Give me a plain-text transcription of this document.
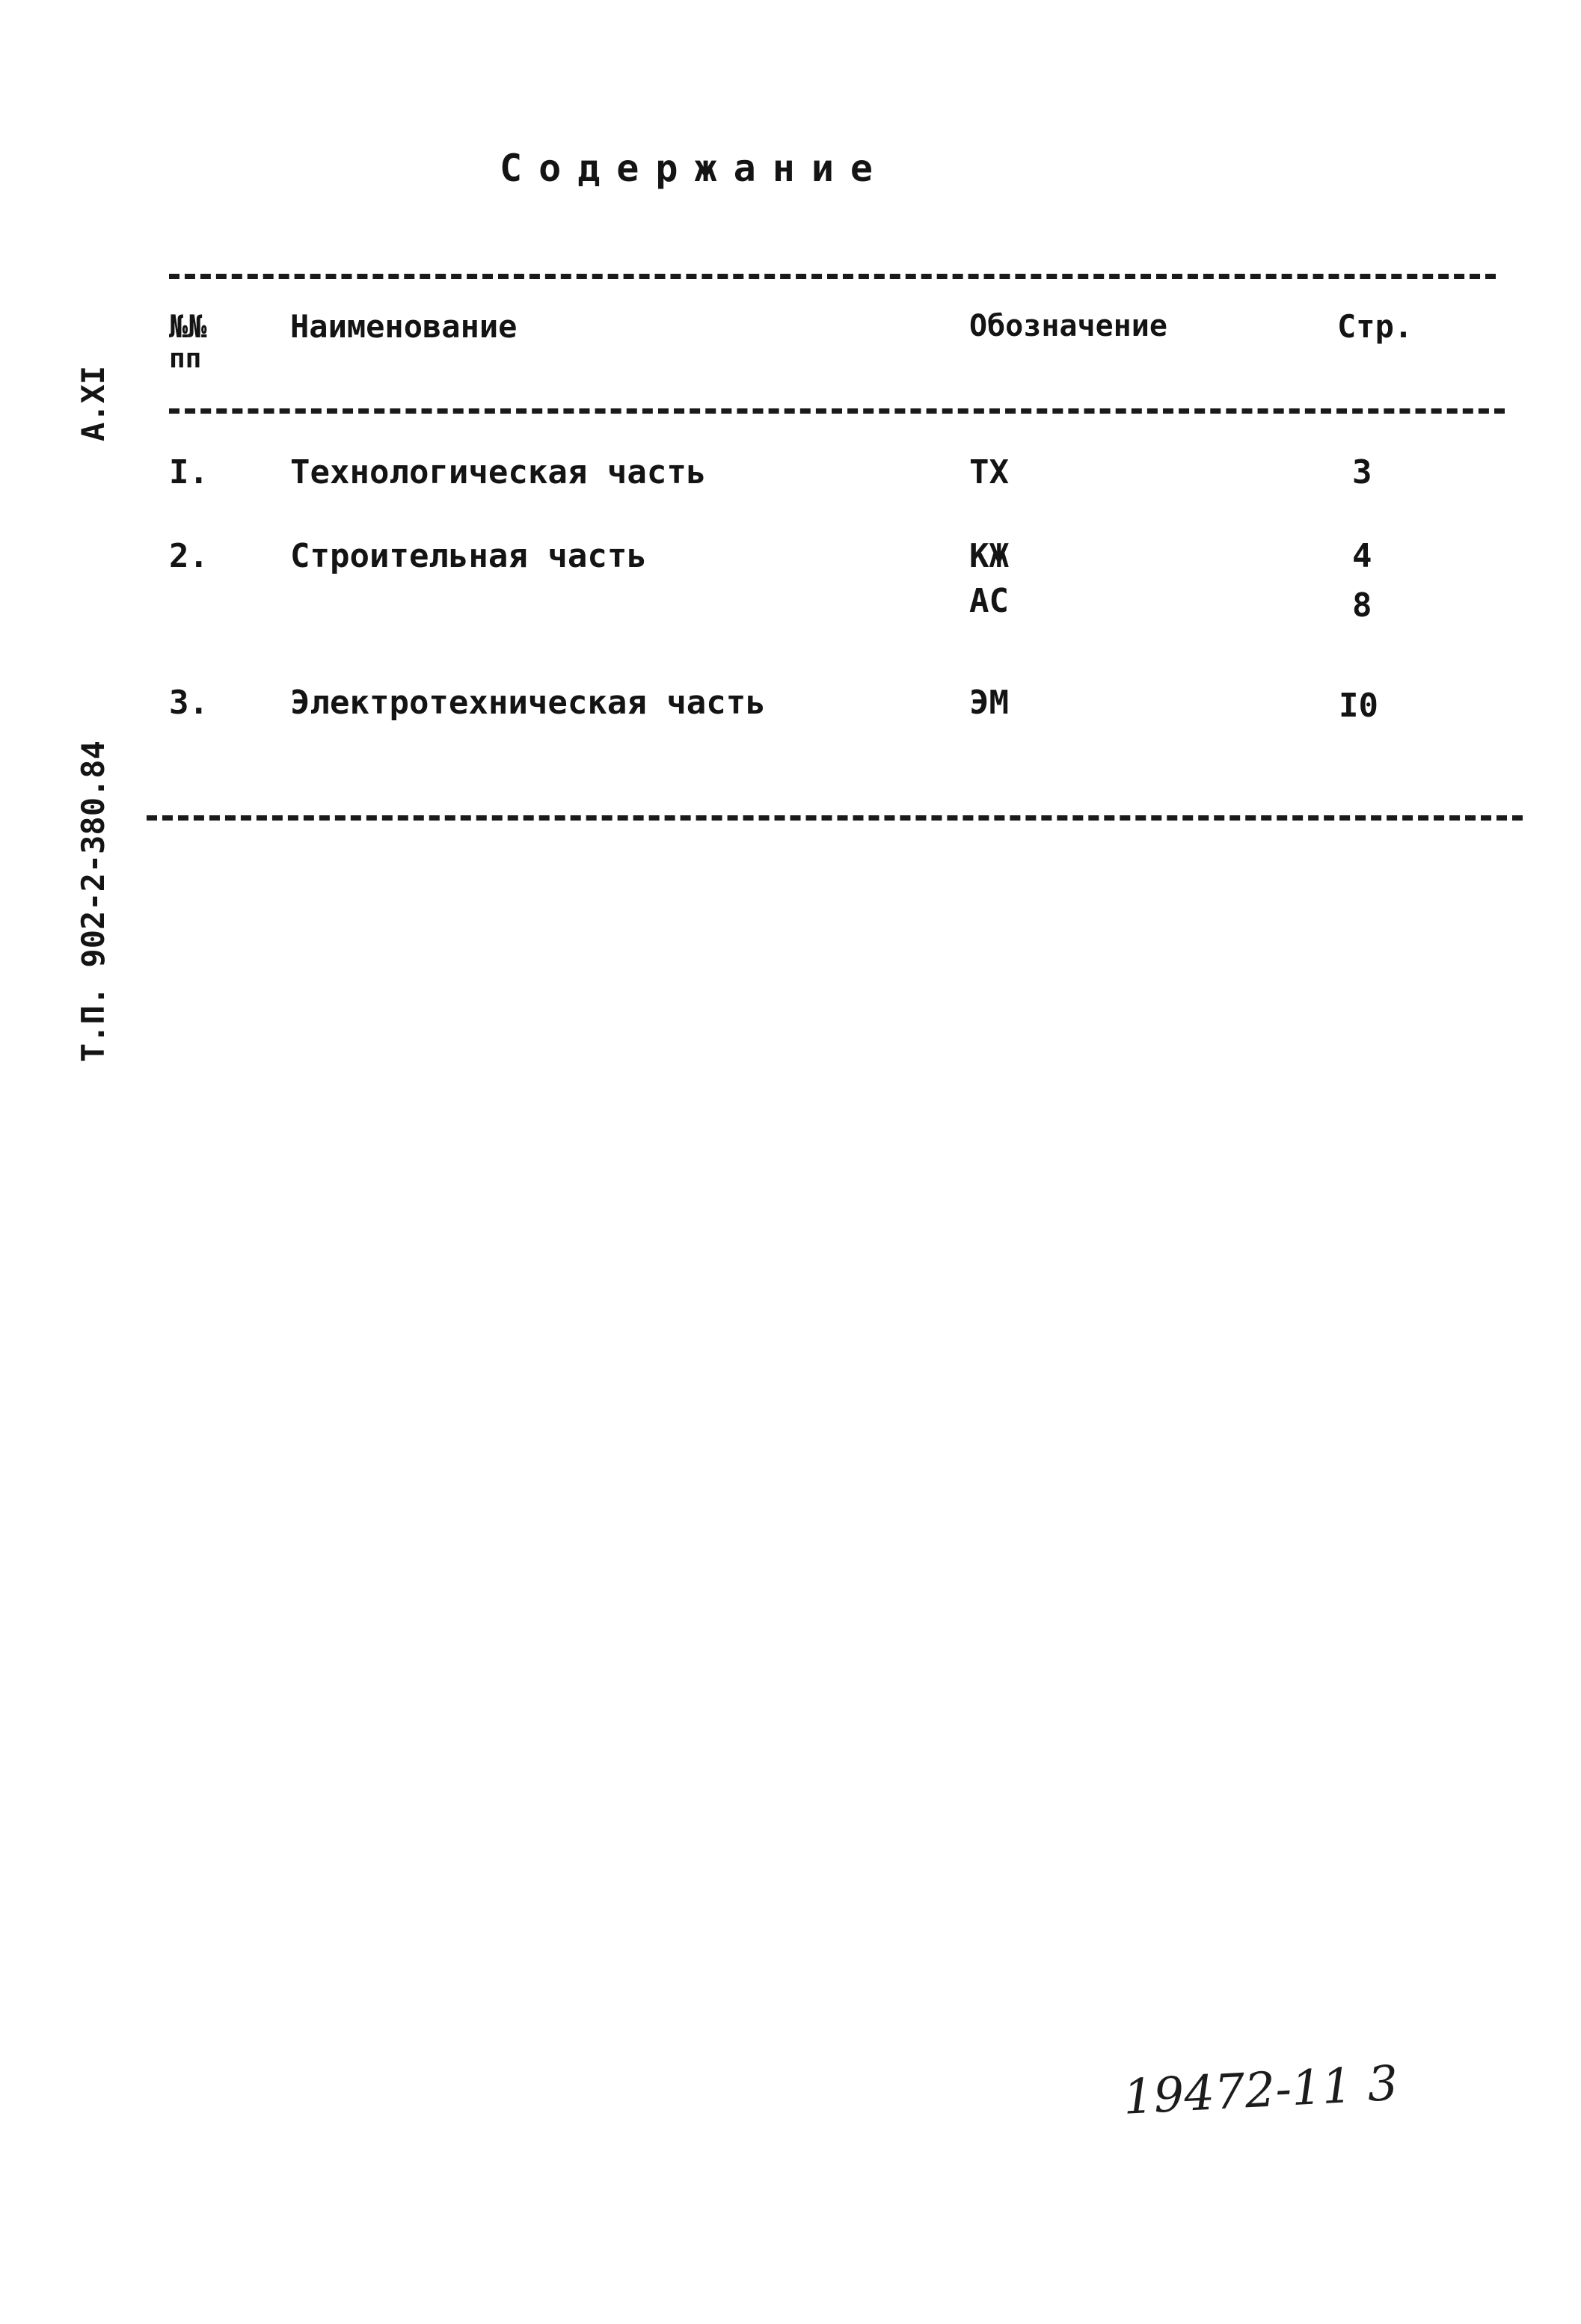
Содержание
А.XI
Т.П. 902-2-380.84
№№
пп
Наименование	Обозначение	Стр.
I. Технологическая часть	ТХ	3
2. Строительная часть	КЖ	4
АС	8
3. Электротехническая часть	ЭМ	I0
19472-11 3
